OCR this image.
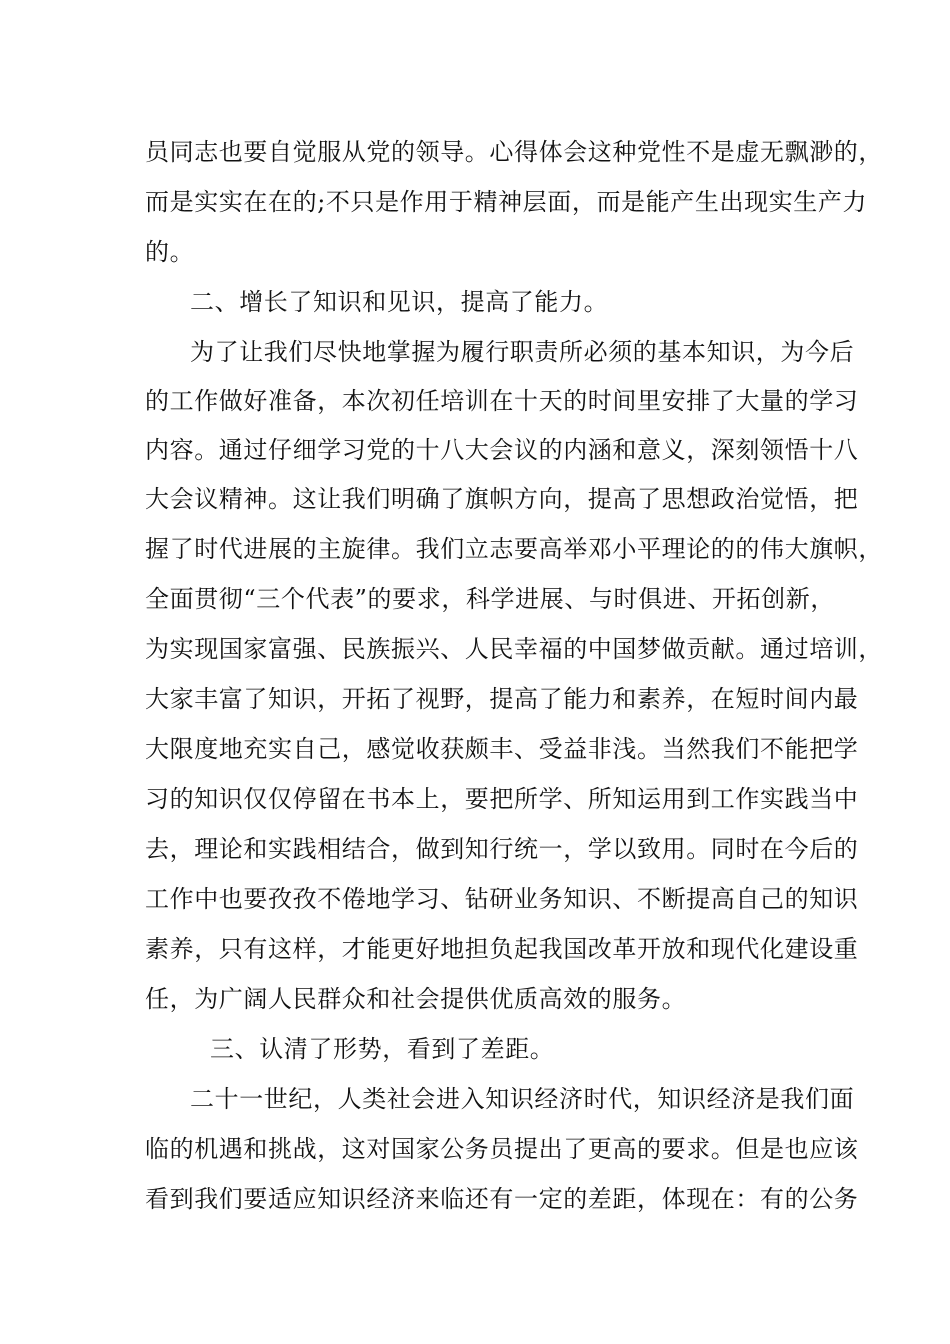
员同志也要自觉服从党的领导。心得体会这种党性不是虚无飘渺的，
而是实实在在的;不只是作用于精神层面，而是能产生出现实生产力
的。
二、增长了知识和见识，提高了能力。
为了让我们尽快地掌握为履行职责所必须的基本知识，为今后
的工作做好准备，本次初任培训在十天的时间里安排了大量的学习
内容。通过仔细学习党的十八大会议的内涵和意义，深刻领悟十八
大会议精神。这让我们明确了旗帜方向，提高了思想政治觉悟，把
握了时代进展的主旋律。我们立志要高举邓小平理论的的伟大旗帜，
全面贯彻“三个代表”的要求，科学进展、与时俱进、开拓创新，
为实现国家富强、民族振兴、人民幸福的中国梦做贡献。通过培训，
大家丰富了知识，开拓了视野，提高了能力和素养，在短时间内最
大限度地充实自己，感觉收获颇丰、受益非浅。当然我们不能把学
习的知识仅仅停留在书本上，要把所学、所知运用到工作实践当中
去，理论和实践相结合，做到知行统一，学以致用。同时在今后的
工作中也要孜孜不倦地学习、钻研业务知识、不断提高自己的知识
素养，只有这样，才能更好地担负起我国改革开放和现代化建设重
任，为广阔人民群众和社会提供优质高效的服务。
三、认清了形势，看到了差距。
二十一世纪，人类社会进入知识经济时代，知识经济是我们面
临的机遇和挑战，这对国家公务员提出了更高的要求。但是也应该
看到我们要适应知识经济来临还有一定的差距，体现在：有的公务
